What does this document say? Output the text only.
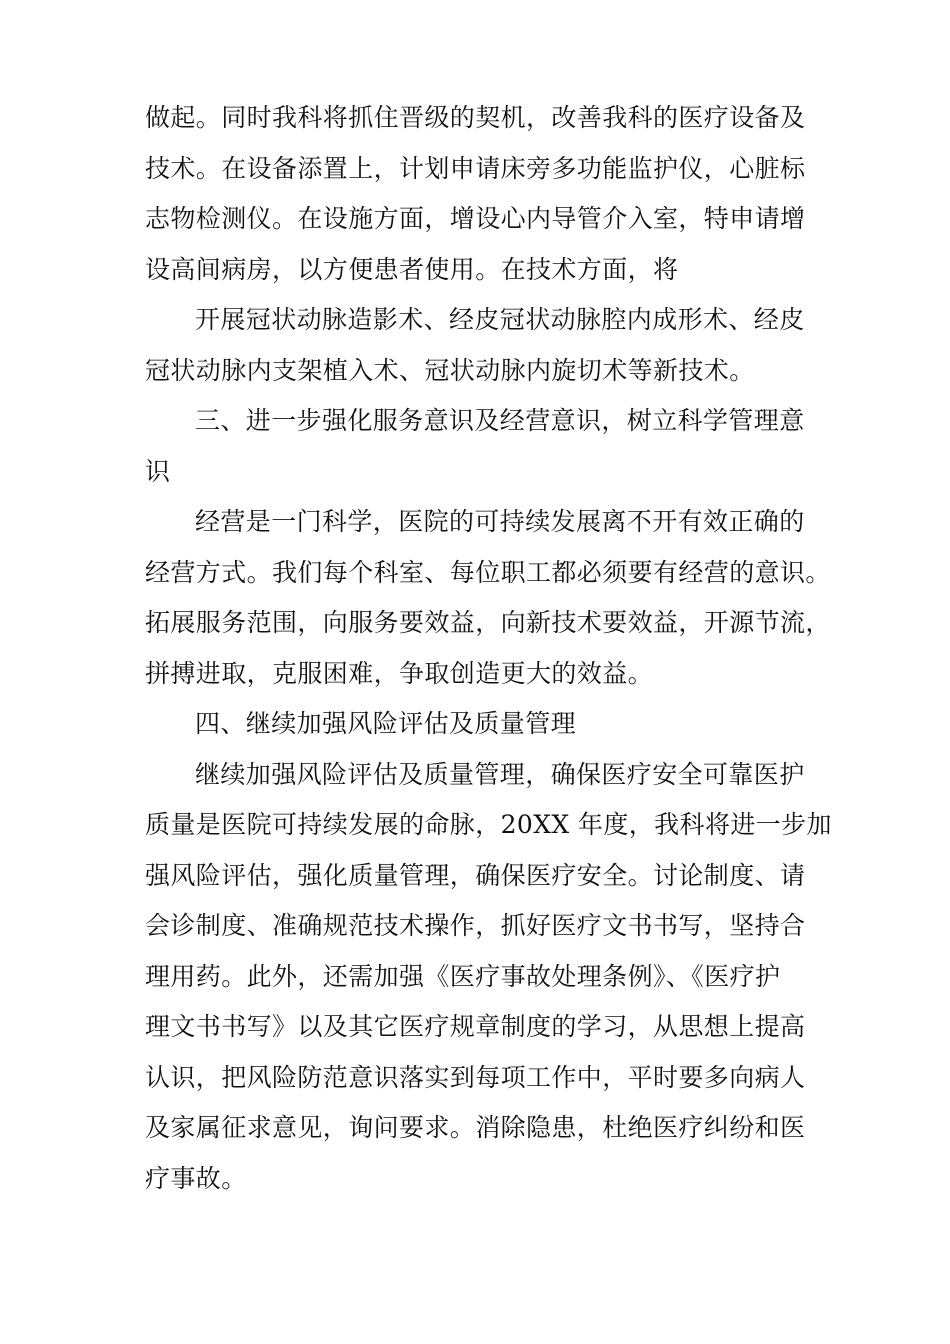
做起。同时我科将抓住晋级的契机，改善我科的医疗设备及
技术。在设备添置上，计划申请床旁多功能监护仪，心脏标
志物检测仪。在设施方面，增设心内导管介入室，特申请增
设高间病房，以方便患者使用。在技术方面，将

开展冠状动脉造影术、经皮冠状动脉腔内成形术、经皮
冠状动脉内支架植入术、冠状动脉内旋切术等新技术。

三、进一步强化服务意识及经营意识，树立科学管理意
识

经营是一门科学，医院的可持续发展离不开有效正确的
经营方式。我们每个科室、每位职工都必须要有经营的意识。
拓展服务范围，向服务要效益，向新技术要效益，开源节流，
拼搏进取，克服困难，争取创造更大的效益。

四、继续加强风险评估及质量管理

继续加强风险评估及质量管理，确保医疗安全可靠医护
质量是医院可持续发展的命脉，20XX 年度，我科将进一步加
强风险评估，强化质量管理，确保医疗安全。讨论制度、请
会诊制度、准确规范技术操作，抓好医疗文书书写，坚持合
理用药。此外，还需加强《医疗事故处理条例》、《医疗护
理文书书写》以及其它医疗规章制度的学习，从思想上提高
认识，把风险防范意识落实到每项工作中，平时要多向病人
及家属征求意见，询问要求。消除隐患，杜绝医疗纠纷和医
疗事故。
